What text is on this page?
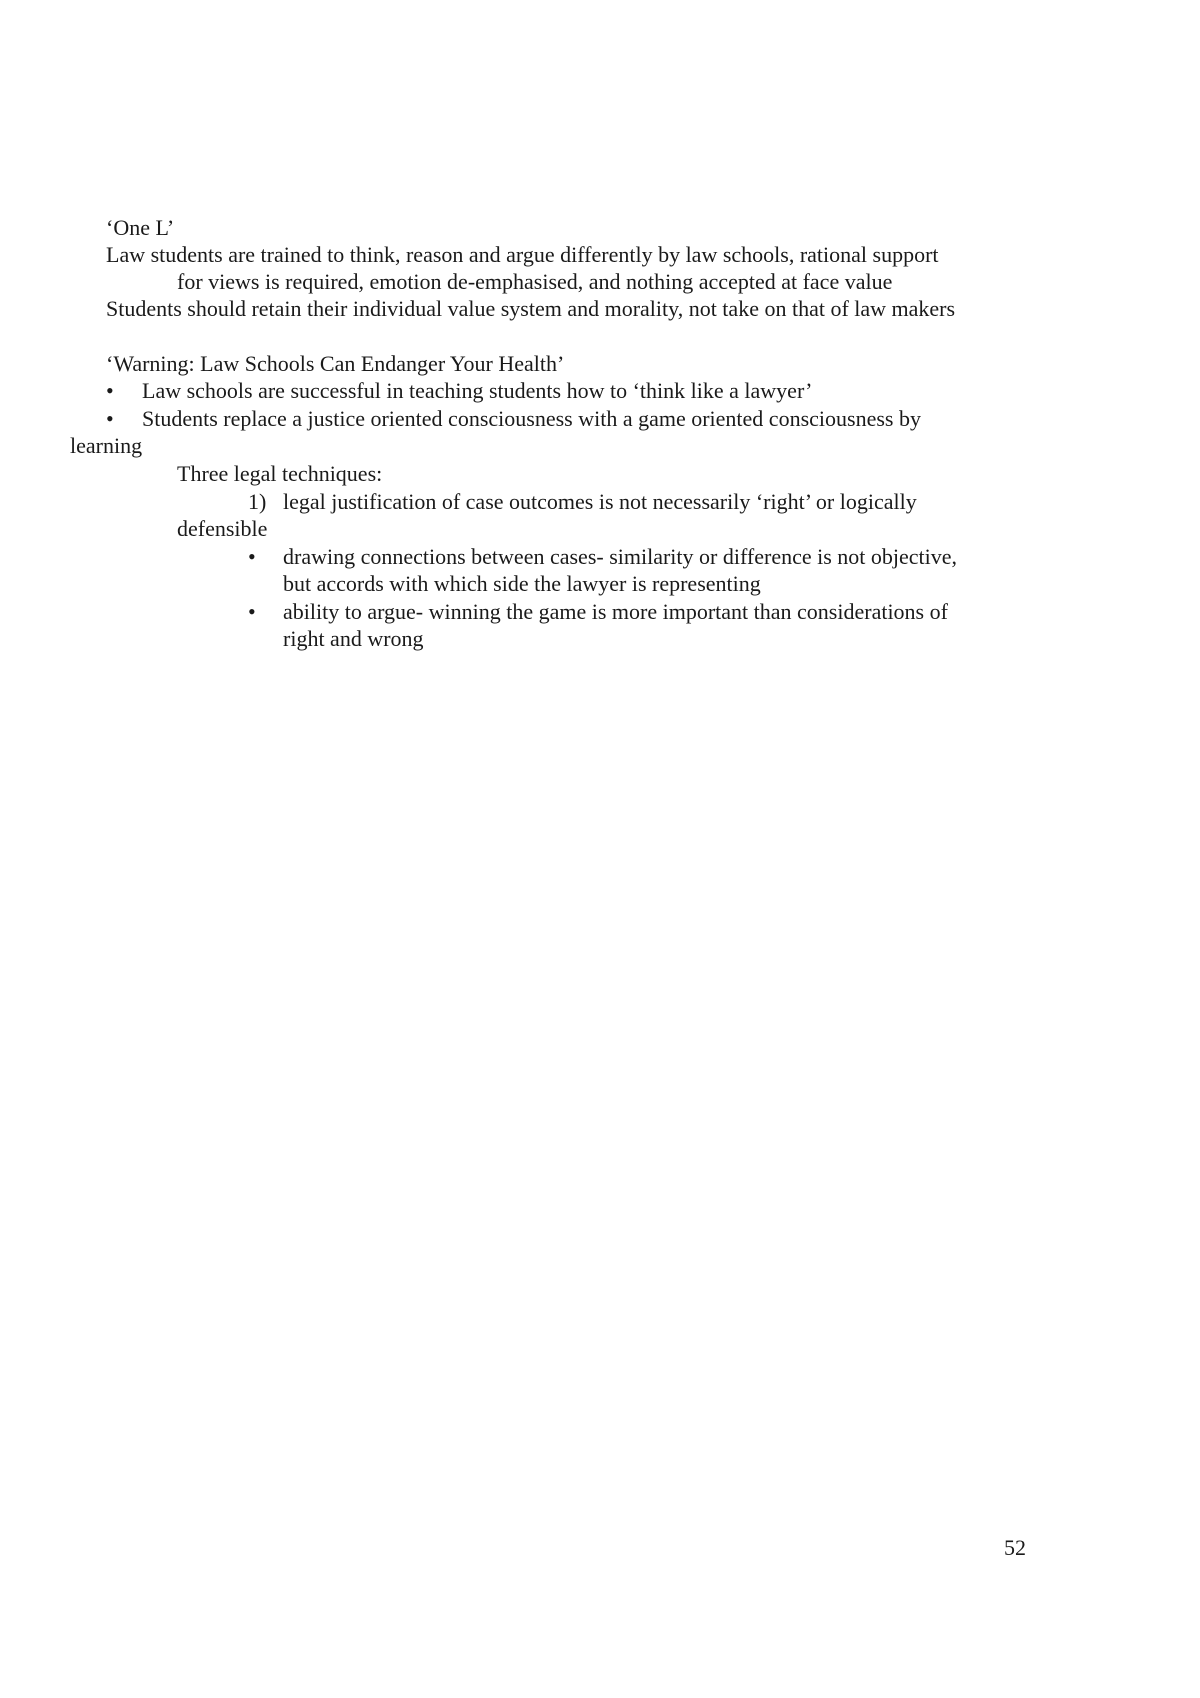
‘One L’
Law students are trained to think, reason and argue differently by law schools, rational support
for views is required, emotion de-emphasised, and nothing accepted at face value
Students should retain their individual value system and morality, not take on that of law makers
‘Warning: Law Schools Can Endanger Your Health’
• Law schools are successful in teaching students how to ‘think like a lawyer’
• Students replace a justice oriented consciousness with a game oriented consciousness by
learning
Three legal techniques:
1) legal justification of case outcomes is not necessarily ‘right’ or logically
defensible
• drawing connections between cases- similarity or difference is not objective,
but accords with which side the lawyer is representing
• ability to argue- winning the game is more important than considerations of
right and wrong
52
